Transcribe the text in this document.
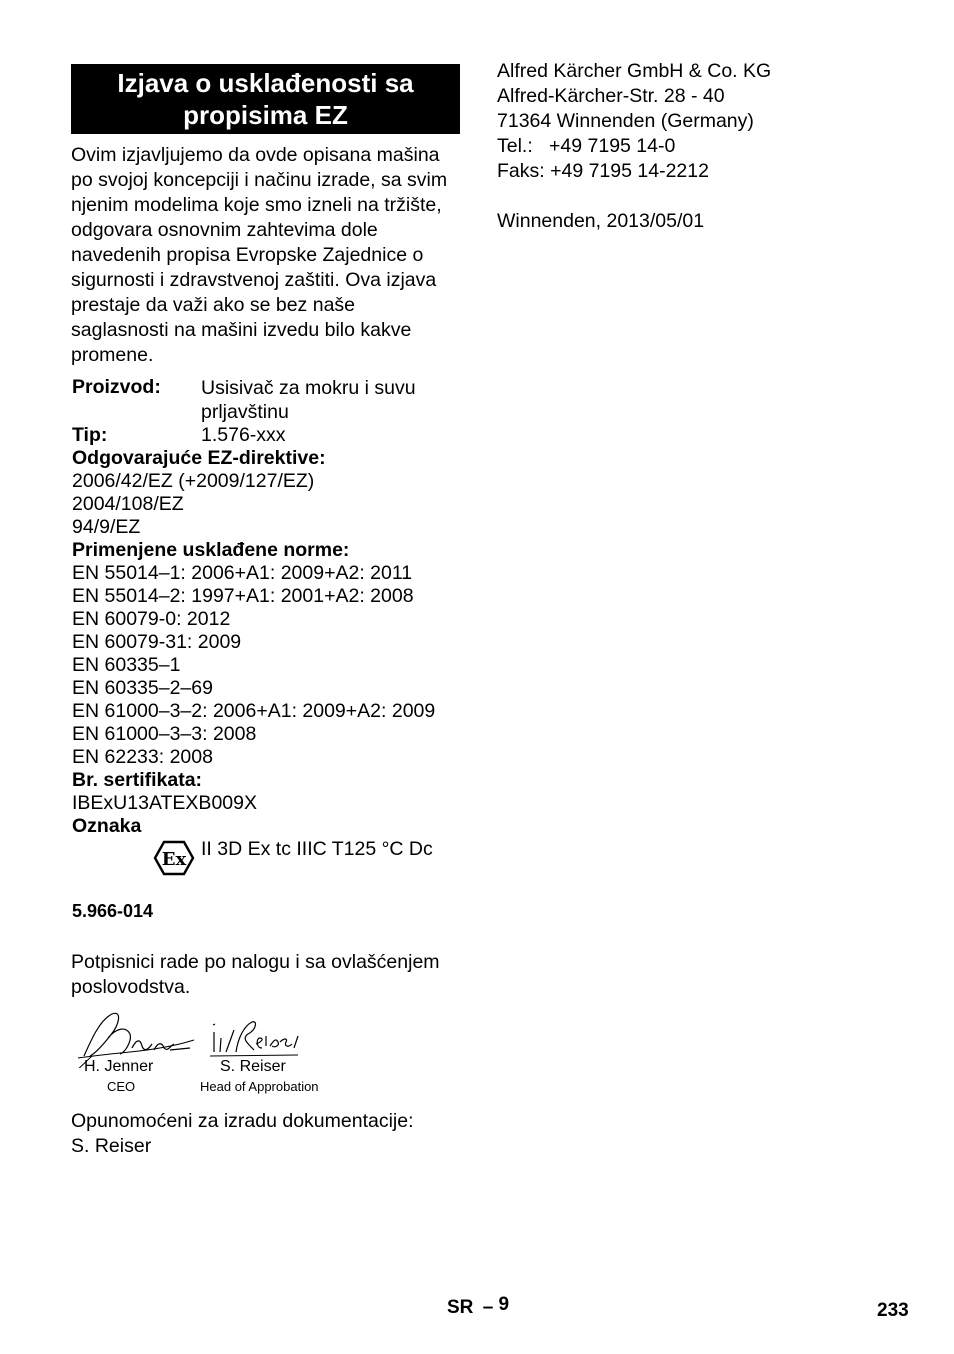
Izjava o usklađenosti sa
propisima EZ
Ovim izjavljujemo da ovde opisana mašina
po svojoj koncepciji i načinu izrade, sa svim
njenim modelima koje smo izneli na tržište,
odgovara osnovnim zahtevima dole
navedenih propisa Evropske Zajednice o
sigurnosti i zdravstvenoj zaštiti. Ova izjava
prestaje da važi ako se bez naše
saglasnosti na mašini izvedu bilo kakve
promene.
Proizvod:	Usisivač za mokru i suvu
prljavštinu
Tip:	1.576-xxx
Odgovarajuće EZ-direktive:
2006/42/EZ (+2009/127/EZ)
2004/108/EZ
94/9/EZ
Primenjene usklađene norme:
EN 55014–1: 2006+A1: 2009+A2: 2011
EN 55014–2: 1997+A1: 2001+A2: 2008
EN 60079-0: 2012
EN 60079-31: 2009
EN 60335–1
EN 60335–2–69
EN 61000–3–2: 2006+A1: 2009+A2: 2009
EN 61000–3–3: 2008
EN 62233: 2008
Br. sertifikata:
IBExU13ATEXB009X
Oznaka
Ex II 3D Ex tc IIIC T125 °C Dc
5.966-014
Potpisnici rade po nalogu i sa ovlašćenjem
poslovodstva.
H. Jenner
CEO
S. Reiser
Head of Approbation
Opunomoćeni za izradu dokumentacije:
S. Reiser
Alfred Kärcher GmbH & Co. KG
Alfred-Kärcher-Str. 28 - 40
71364 Winnenden (Germany)
Tel.:   +49 7195 14-0
Faks: +49 7195 14-2212
Winnenden, 2013/05/01
SR – 9	233
